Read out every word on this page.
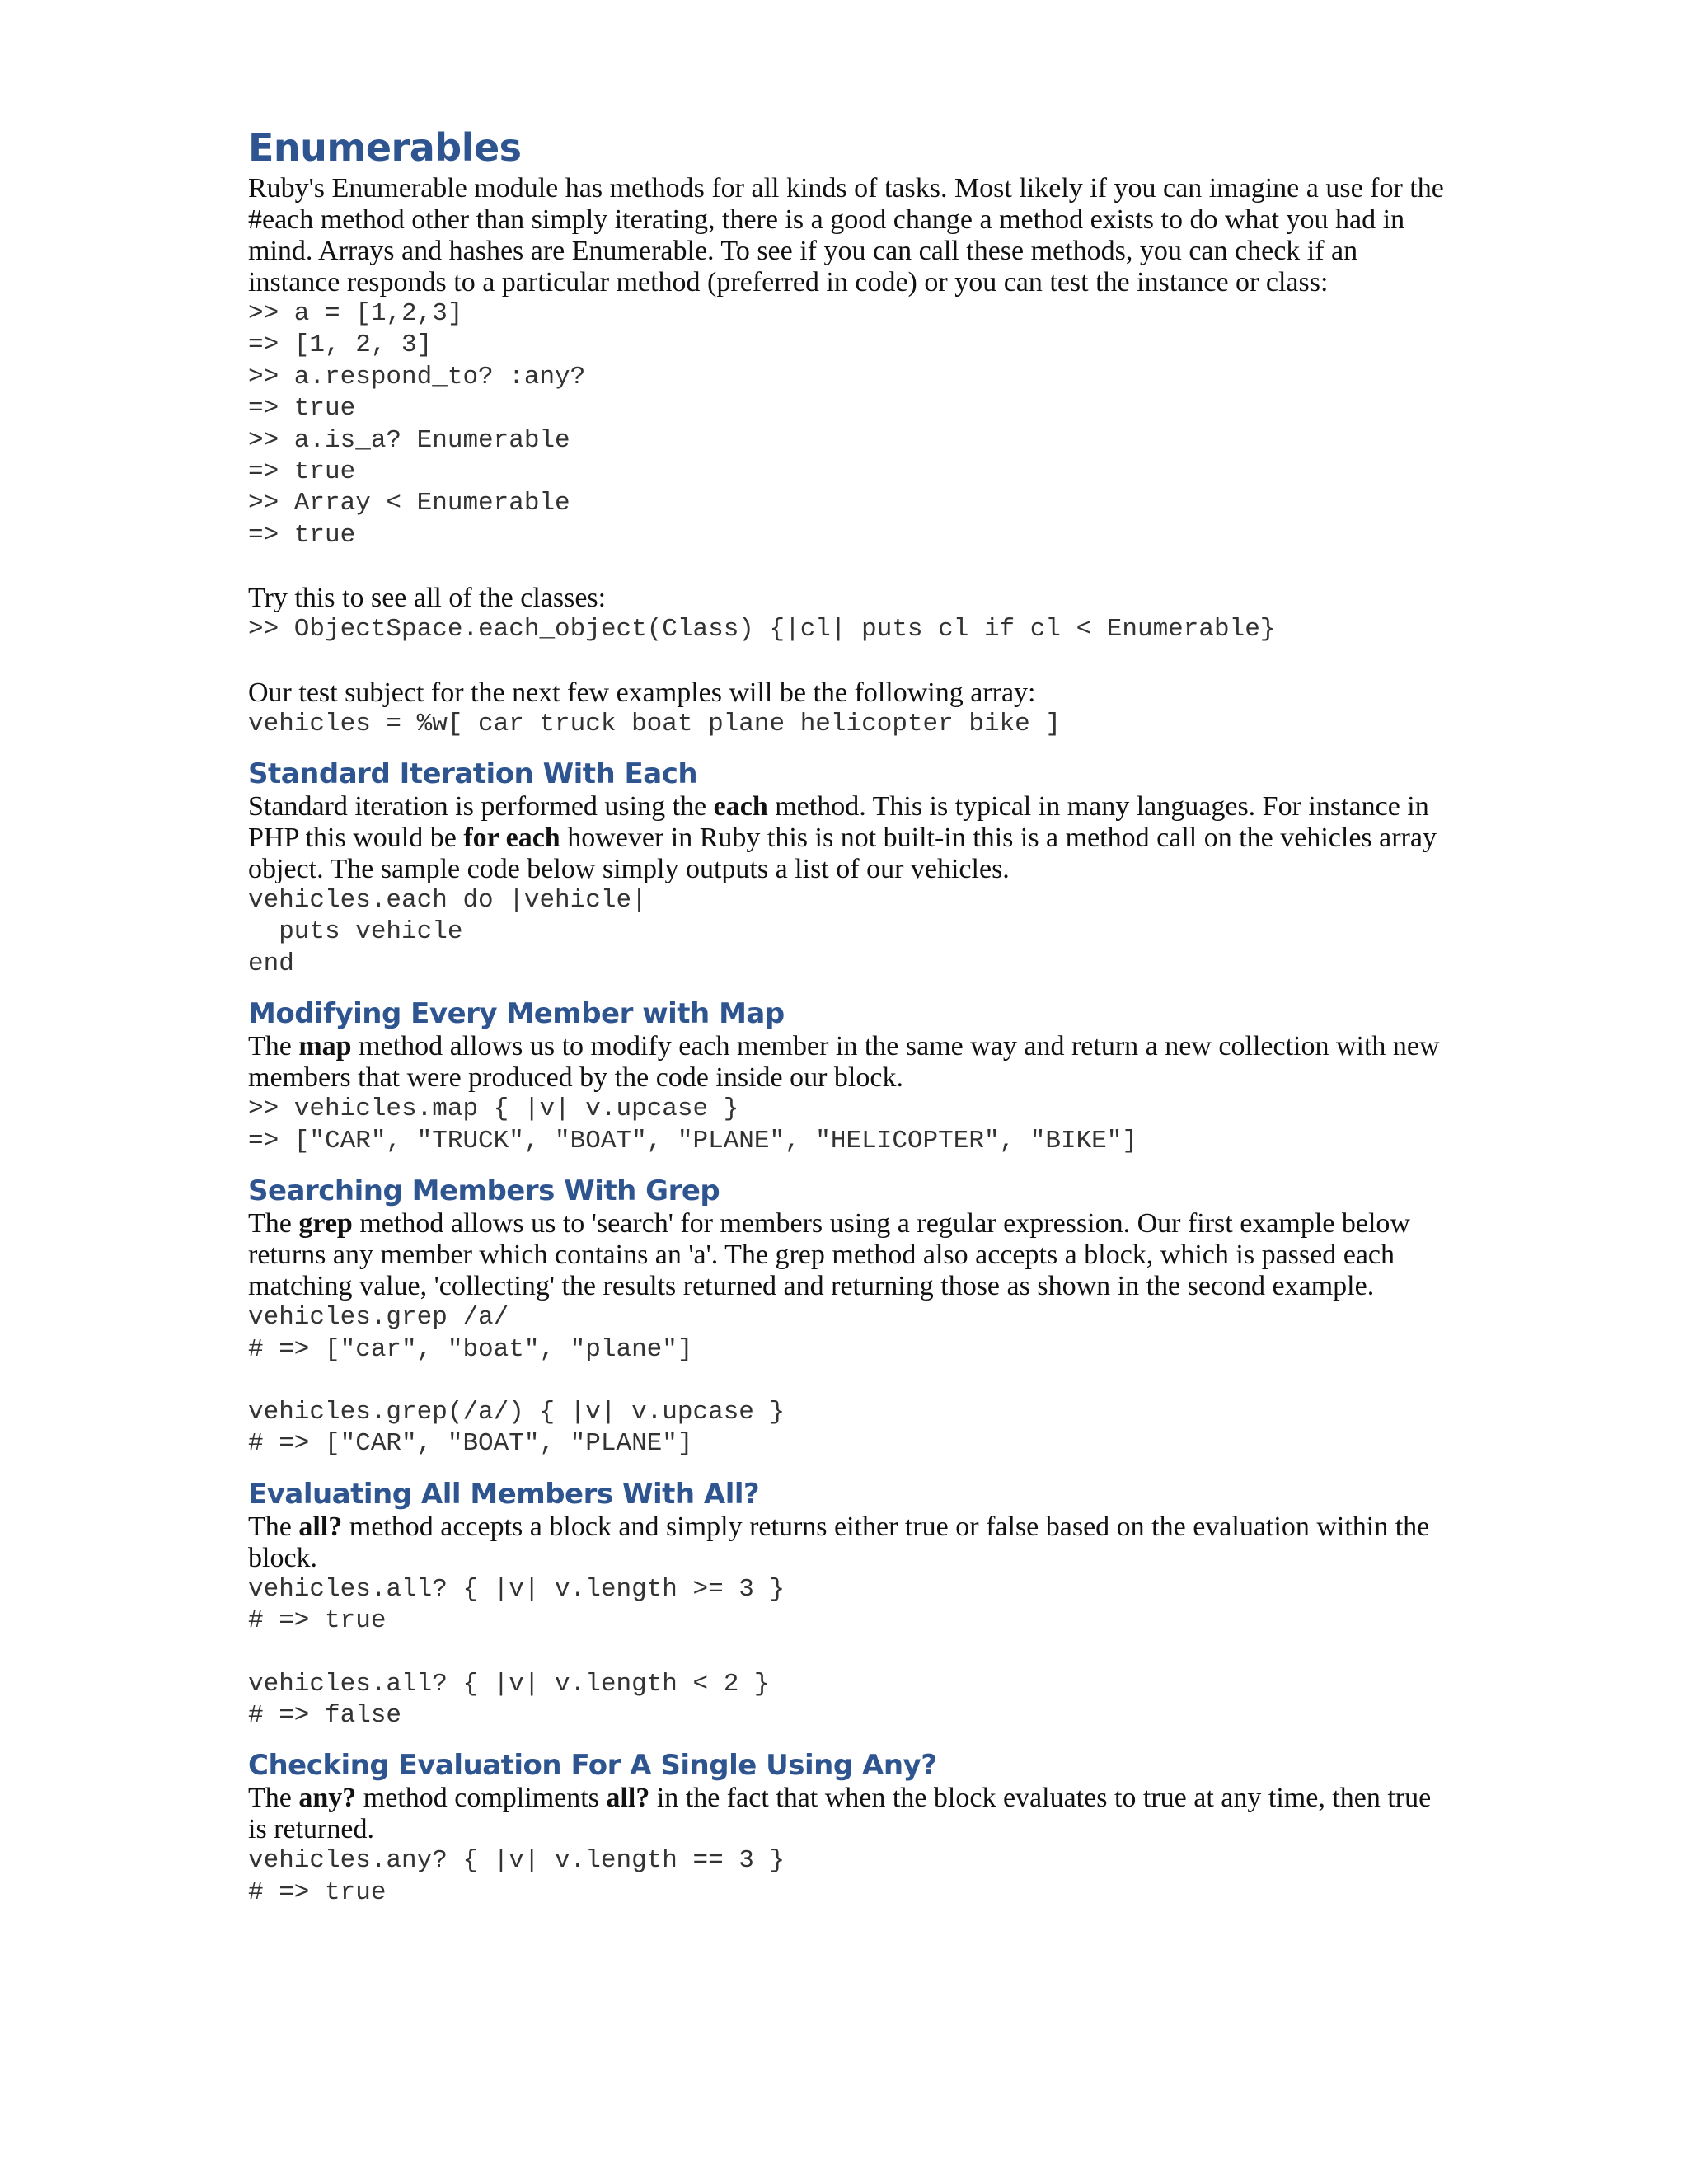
Enumerables

Ruby's Enumerable module has methods for all kinds of tasks. Most likely if you can imagine a use for the #each method other than simply iterating, there is a good change a method exists to do what you had in mind. Arrays and hashes are Enumerable. To see if you can call these methods, you can check if an instance responds to a particular method (preferred in code) or you can test the instance or class:

>> a = [1,2,3]
=> [1, 2, 3]
>> a.respond_to? :any?
=> true
>> a.is_a? Enumerable
=> true
>> Array < Enumerable
=> true

Try this to see all of the classes:

>> ObjectSpace.each_object(Class) {|cl| puts cl if cl < Enumerable}

Our test subject for the next few examples will be the following array:

vehicles = %w[ car truck boat plane helicopter bike ]
Standard Iteration With Each

Standard iteration is performed using the each method. This is typical in many languages. For instance in PHP this would be for each however in Ruby this is not built-in this is a method call on the vehicles array object. The sample code below simply outputs a list of our vehicles.

vehicles.each do |vehicle|
puts vehicle
end
Modifying Every Member with Map

The map method allows us to modify each member in the same way and return a new collection with new members that were produced by the code inside our block.

>> vehicles.map { |v| v.upcase }
=> ["CAR", "TRUCK", "BOAT", "PLANE", "HELICOPTER", "BIKE"]
Searching Members With Grep

The grep method allows us to 'search' for members using a regular expression. Our first example below returns any member which contains an 'a'. The grep method also accepts a block, which is passed each matching value, 'collecting' the results returned and returning those as shown in the second example.

vehicles.grep /a/
# => ["car", "boat", "plane"]
vehicles.grep(/a/) { |v| v.upcase }
# => ["CAR", "BOAT", "PLANE"]
Evaluating All Members With All?

The all? method accepts a block and simply returns either true or false based on the evaluation within the block.

vehicles.all? { |v| v.length >= 3 }
# => true
vehicles.all? { |v| v.length < 2 }
# => false
Checking Evaluation For A Single Using Any?

The any? method compliments all? in the fact that when the block evaluates to true at any time, then true is returned.

vehicles.any? { |v| v.length == 3 }
# => true
